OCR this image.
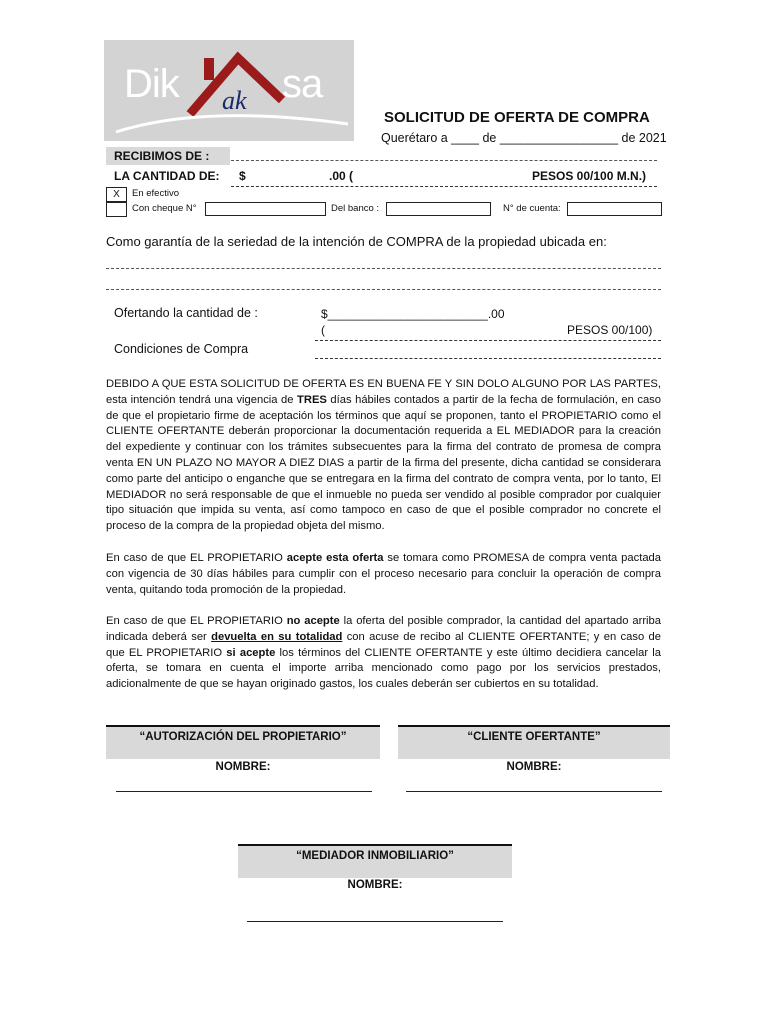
Dik ak sa
SOLICITUD DE OFERTA DE COMPRA
Querétaro a ____ de _________________ de 2021
RECIBIMOS DE :
LA CANTIDAD DE: $	.00 (	PESOS 00/100 M.N.)
X	En efectivo
Con cheque N°	Del banco :	N° de cuenta:
Como garantía de la seriedad de la intención de COMPRA de la propiedad ubicada en:
Ofertando la cantidad de :	$________________________.00
(	PESOS 00/100)
Condiciones de Compra
DEBIDO A QUE ESTA SOLICITUD DE OFERTA ES EN BUENA FE Y SIN DOLO ALGUNO POR LAS PARTES, esta intención tendrá una vigencia de TRES días hábiles contados a partir de la fecha de formulación, en caso de que el propietario firme de aceptación los términos que aquí se proponen, tanto el PROPIETARIO como el CLIENTE OFERTANTE deberán proporcionar la documentación requerida a EL MEDIADOR para la creación del expediente y continuar con los trámites subsecuentes para la firma del contrato de promesa de compra venta EN UN PLAZO NO MAYOR A DIEZ DIAS a partir de la firma del presente, dicha cantidad se considerara como parte del anticipo o enganche que se entregara en la firma del contrato de compra venta, por lo tanto, El MEDIADOR no será responsable de que el inmueble no pueda ser vendido al posible comprador por cualquier tipo situación que impida su venta, así como tampoco en caso de que el posible comprador no concrete el proceso de la compra de la propiedad objeta del mismo.
En caso de que EL PROPIETARIO acepte esta oferta se tomara como PROMESA de compra venta pactada con vigencia de 30 días hábiles para cumplir con el proceso necesario para concluir la operación de compra venta, quitando toda promoción de la propiedad.
En caso de que EL PROPIETARIO no acepte la oferta del posible comprador, la cantidad del apartado arriba indicada deberá ser devuelta en su totalidad con acuse de recibo al CLIENTE OFERTANTE; y en caso de que EL PROPIETARIO si acepte los términos del CLIENTE OFERTANTE y este último decidiera cancelar la oferta, se tomara en cuenta el importe arriba mencionado como pago por los servicios prestados, adicionalmente de que se hayan originado gastos, los cuales deberán ser cubiertos en su totalidad.
“AUTORIZACIÓN DEL PROPIETARIO”
NOMBRE:
“CLIENTE OFERTANTE”
NOMBRE:
“MEDIADOR INMOBILIARIO”
NOMBRE:
